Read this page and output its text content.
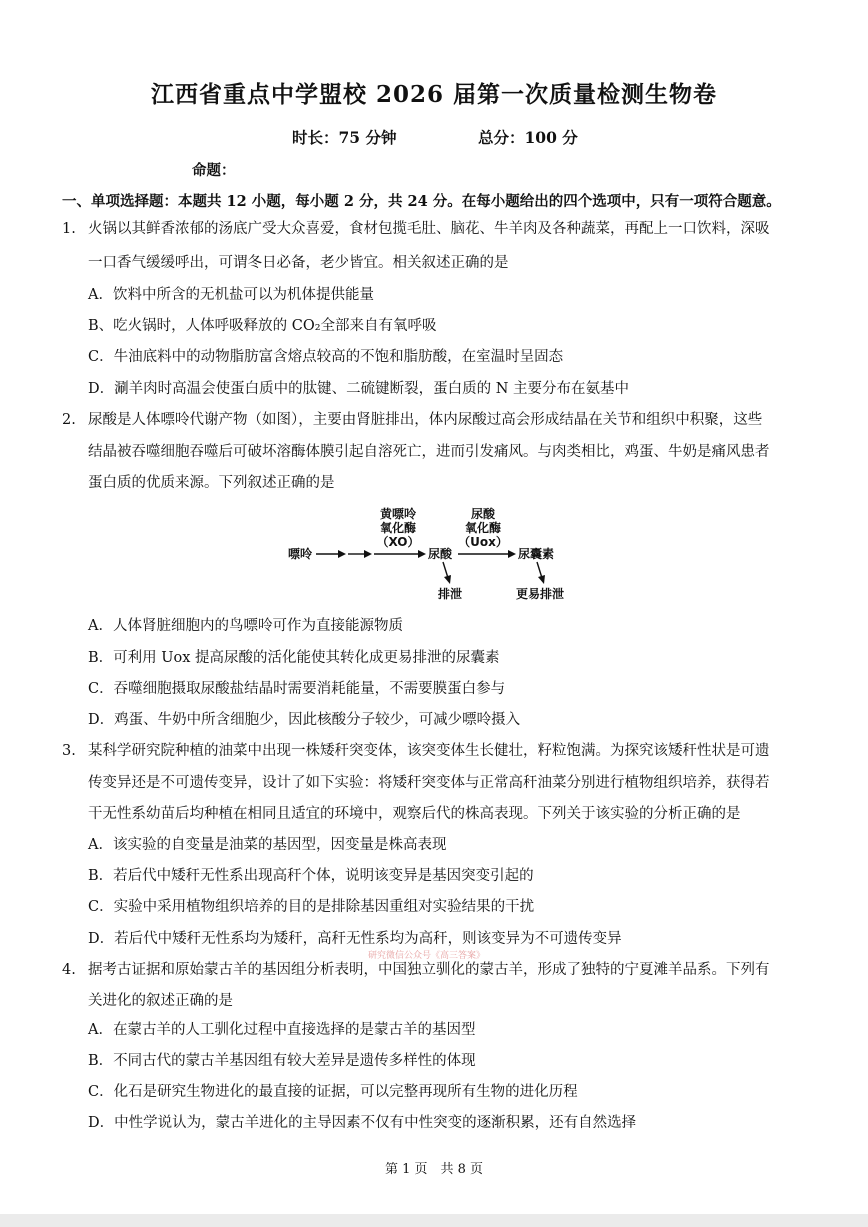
江西省重点中学盟校 2026 届第一次质量检测生物卷
时长：75 分钟	总分：100 分
命题：
一、单项选择题：本题共 12 小题，每小题 2 分，共 24 分。在每小题给出的四个选项中，只有一项符合题意。
1. 火锅以其鲜香浓郁的汤底广受大众喜爱，食材包揽毛肚、脑花、牛羊肉及各种蔬菜，再配上一口饮料，深吸
一口香气缓缓呼出，可谓冬日必备，老少皆宜。相关叙述正确的是
A．饮料中所含的无机盐可以为机体提供能量
B、吃火锅时，人体呼吸释放的 CO₂全部来自有氧呼吸
C．牛油底料中的动物脂肪富含熔点较高的不饱和脂肪酸，在室温时呈固态
D．涮羊肉时高温会使蛋白质中的肽键、二硫键断裂，蛋白质的 N 主要分布在氨基中
2. 尿酸是人体嘌呤代谢产物（如图），主要由肾脏排出，体内尿酸过高会形成结晶在关节和组织中积聚，这些
结晶被吞噬细胞吞噬后可破坏溶酶体膜引起自溶死亡，进而引发痛风。与肉类相比，鸡蛋、牛奶是痛风患者
蛋白质的优质来源。下列叙述正确的是
黄嘌呤
氧化酶
（XO）
尿酸
氧化酶
（Uox）
嘌呤	尿酸	尿囊素
排泄	更易排泄
A．人体肾脏细胞内的鸟嘌呤可作为直接能源物质
B．可利用 Uox 提高尿酸的活化能使其转化成更易排泄的尿囊素
C．吞噬细胞摄取尿酸盐结晶时需要消耗能量，不需要膜蛋白参与
D．鸡蛋、牛奶中所含细胞少，因此核酸分子较少，可减少嘌呤摄入
3. 某科学研究院种植的油菜中出现一株矮秆突变体，该突变体生长健壮，籽粒饱满。为探究该矮秆性状是可遗
传变异还是不可遗传变异，设计了如下实验：将矮秆突变体与正常高秆油菜分别进行植物组织培养，获得若
干无性系幼苗后均种植在相同且适宜的环境中，观察后代的株高表现。下列关于该实验的分析正确的是
A．该实验的自变量是油菜的基因型，因变量是株高表现
B．若后代中矮秆无性系出现高秆个体，说明该变异是基因突变引起的
C．实验中采用植物组织培养的目的是排除基因重组对实验结果的干扰
D．若后代中矮秆无性系均为矮秆，高秆无性系均为高秆，则该变异为不可遗传变异
研究微信公众号《高三答案》
4. 据考古证据和原始蒙古羊的基因组分析表明，中国独立驯化的蒙古羊，形成了独特的宁夏滩羊品系。下列有
关进化的叙述正确的是
A．在蒙古羊的人工驯化过程中直接选择的是蒙古羊的基因型
B．不同古代的蒙古羊基因组有较大差异是遗传多样性的体现
C．化石是研究生物进化的最直接的证据，可以完整再现所有生物的进化历程
D．中性学说认为，蒙古羊进化的主导因素不仅有中性突变的逐渐积累，还有自然选择
第 1 页　共 8 页
